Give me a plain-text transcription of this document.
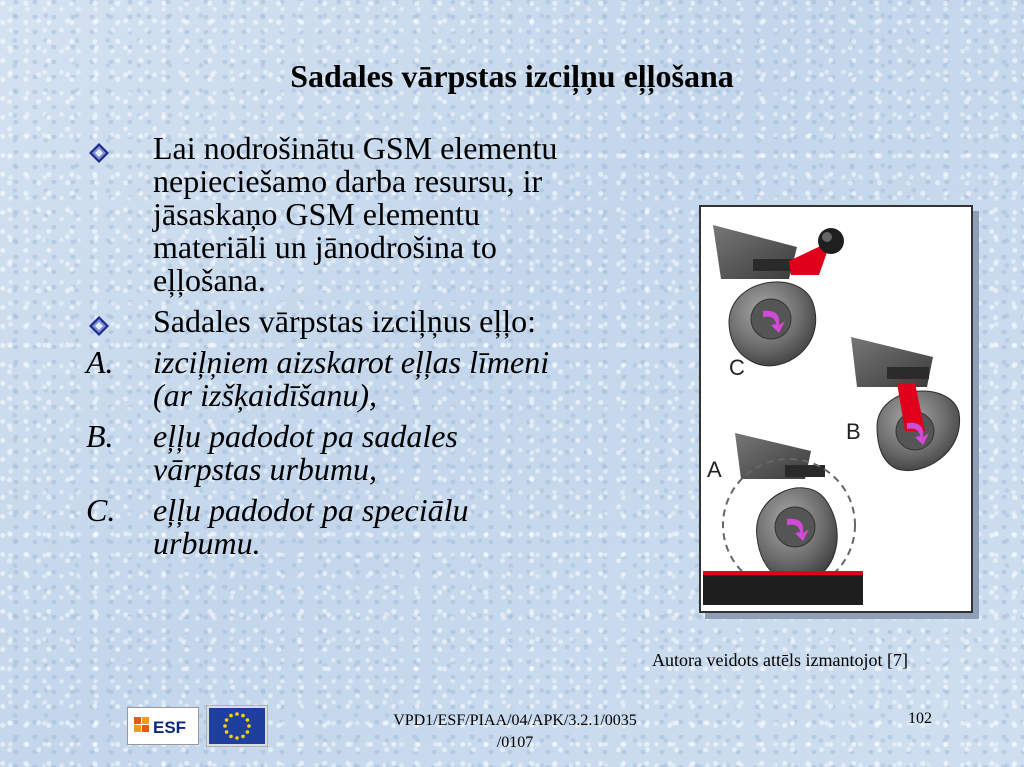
Sadales vārpstas izciļņu eļļošana
Lai nodrošinātu GSM elementu
nepieciešamo darba resursu, ir
jāsaskaņo GSM elementu
materiāli un jānodrošina to
eļļošana.
Sadales vārpstas izciļņus eļļo:
A. izciļņiem aizskarot eļļas līmeni
(ar izšķaidīšanu),
B. eļļu padodot pa sadales
vārpstas urbumu,
C. eļļu padodot pa speciālu
urbumu.
C
B
A
Autora veidots attēls izmantojot [7]
ESF	VPD1/ESF/PIAA/04/APK/3.2.1/0035
/0107
102
